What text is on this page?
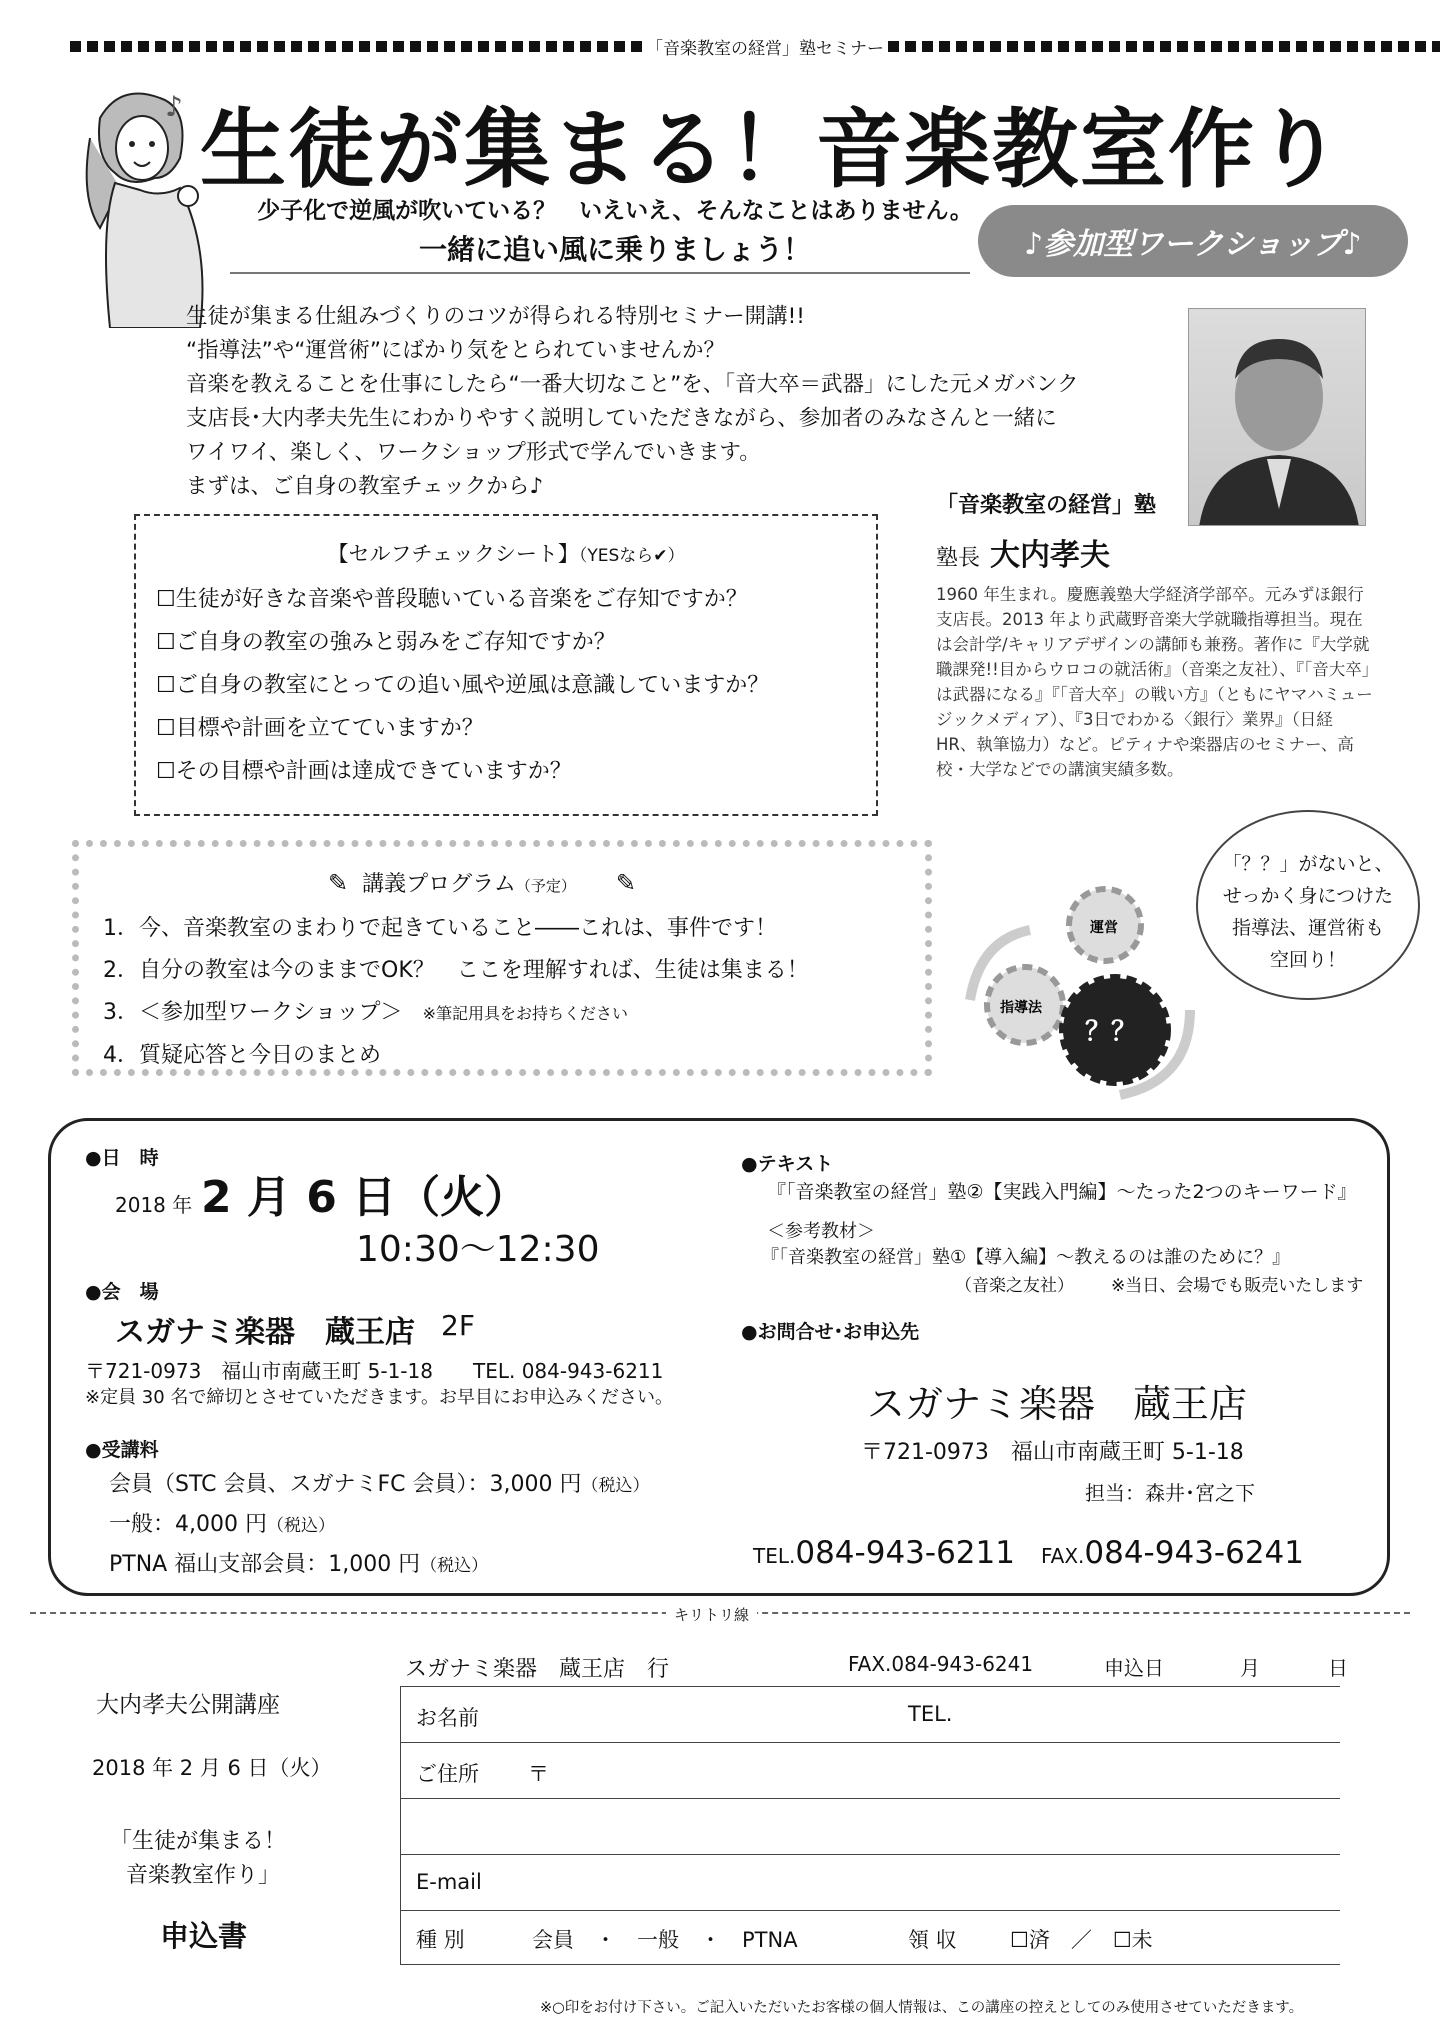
「音楽教室の経営」塾セミナー
♪ 生徒が集まる！音楽教室作り
少子化で逆風が吹いている？　いえいえ、そんなことはありません。
一緒に追い風に乗りましょう！	♪参加型ワークショップ♪
生徒が集まる仕組みづくりのコツが得られる特別セミナー開講!!
“指導法”や“運営術”にばかり気をとられていませんか？
音楽を教えることを仕事にしたら“一番大切なこと”を、「音大卒＝武器」にした元メガバンク
支店長･大内孝夫先生にわかりやすく説明していただきながら、参加者のみなさんと一緒に
ワイワイ、楽しく、ワークショップ形式で学んでいきます。
まずは、ご自身の教室チェックから♪
「音楽教室の経営」塾
塾長 大内孝夫
1960 年生まれ。慶應義塾大学経済学部卒。元みずほ銀行支店長。2013 年より武蔵野音楽大学就職指導担当。現在は会計学/キャリアデザインの講師も兼務。著作に『大学就職課発!!目からウロコの就活術』（音楽之友社）、『「音大卒」は武器になる』『「音大卒」の戦い方』（ともにヤマハミュージックメディア）、『3日でわかる〈銀行〉業界』（日経 HR、執筆協力）など。ピティナや楽器店のセミナー、高校・大学などでの講演実績多数。
【セルフチェックシート】（YESなら✔）
☐生徒が好きな音楽や普段聴いている音楽をご存知ですか？
☐ご自身の教室の強みと弱みをご存知ですか？
☐ご自身の教室にとっての追い風や逆風は意識していますか？
☐目標や計画を立てていますか？
☐その目標や計画は達成できていますか？
✎ 講義プログラム（予定） ✎
1．今、音楽教室のまわりで起きていること――これは、事件です！
2．自分の教室は今のままでOK？　ここを理解すれば、生徒は集まる！
3．＜参加型ワークショップ＞ ※筆記用具をお持ちください
4．質疑応答と今日のまとめ
「？？」がないと、
せっかく身につけた
指導法、運営術も
空回り！
運営
指導法
？？
●日　時
2018 年 2 月 6 日（火）
10:30〜12:30
●会　場
スガナミ楽器　蔵王店 2F
〒721-0973　福山市南蔵王町 5-1-18　　TEL. 084-943-6211
※定員 30 名で締切とさせていただきます。お早目にお申込みください。
●受講料
会員（STC 会員、スガナミFC 会員）：3,000 円（税込）
一般：4,000 円（税込）
PTNA 福山支部会員：1,000 円（税込）
●テキスト
『「音楽教室の経営」塾②【実践入門編】〜たった2つのキーワード』
＜参考教材＞
『「音楽教室の経営」塾①【導入編】〜教えるのは誰のために？』
（音楽之友社） ※当日、会場でも販売いたします
●お問合せ･お申込先
スガナミ楽器　蔵王店
〒721-0973　福山市南蔵王町 5-1-18
担当：森井･宮之下
TEL.084-943-6211 FAX.084-943-6241
キリトリ線
大内孝夫公開講座
2018 年 2 月 6 日（火）
「生徒が集まる！
音楽教室作り」
申込書
スガナミ楽器　蔵王店　行	FAX.084-943-6241	申込日	月	日
お名前	TEL.
ご住所 〒
E-mail
種 別	会員　・　一般　・　PTNA	領 収	☐済　／　☐未
※○印をお付け下さい。ご記入いただいたお客様の個人情報は、この講座の控えとしてのみ使用させていただきます。
